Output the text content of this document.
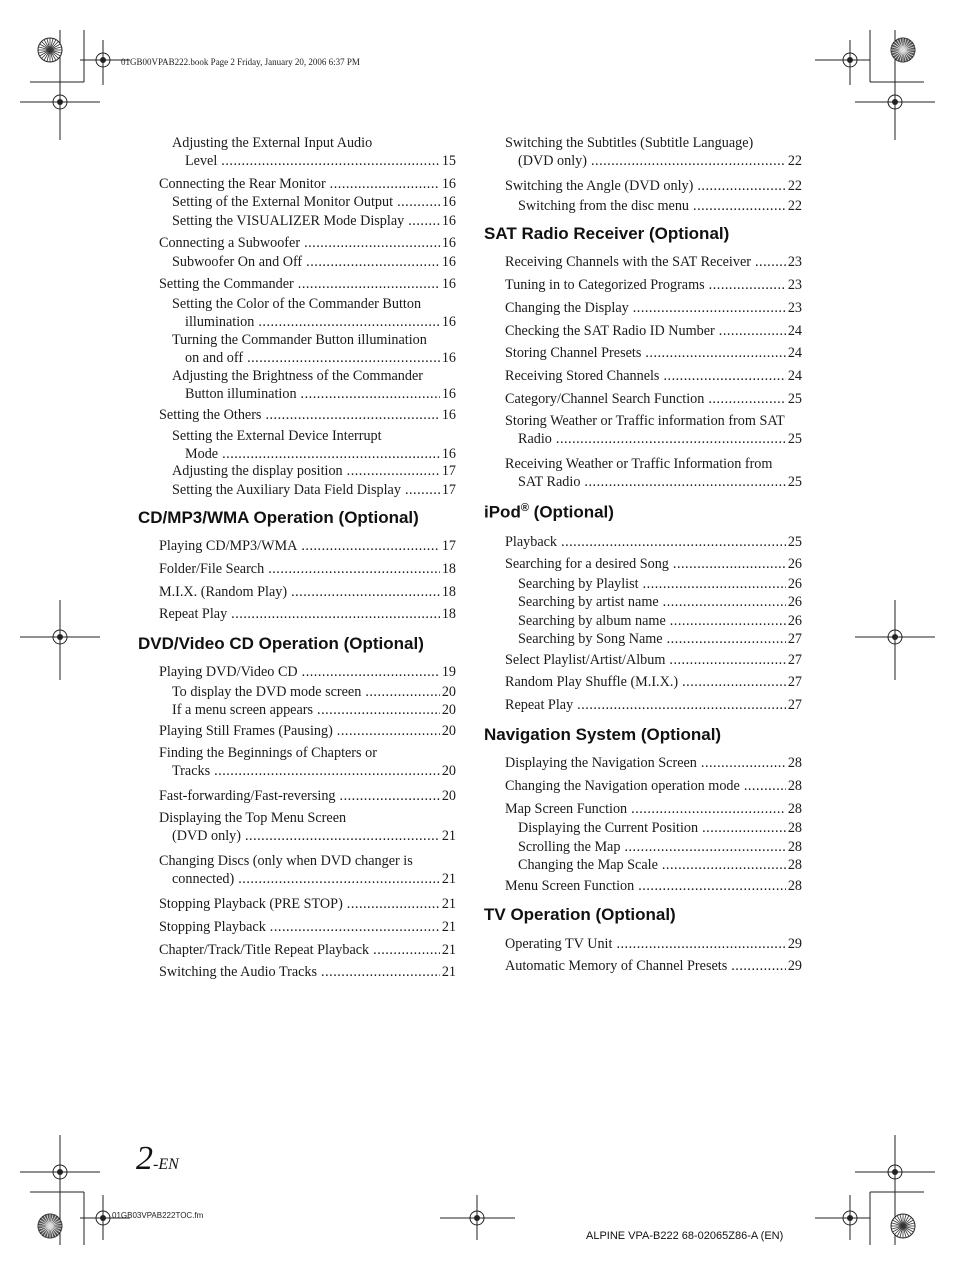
01GB00VPAB222.book Page 2 Friday, January 20, 2006 6:37 PM
Adjusting the External Input Audio
Level .....	15
Connecting the Rear Monitor .....	16
Setting of the External Monitor Output .....	16
Setting the VISUALIZER Mode Display .....	16
Connecting a Subwoofer .....	16
Subwoofer On and Off .....	16
Setting the Commander .....	16
Setting the Color of the Commander Button
illumination .....	16
Turning the Commander Button illumination
on and off .....	16
Adjusting the Brightness of the Commander
Button illumination .....	16
Setting the Others .....	16
Setting the External Device Interrupt
Mode .....	16
Adjusting the display position .....	17
Setting the Auxiliary Data Field Display .....	17
CD/MP3/WMA Operation (Optional)
Playing CD/MP3/WMA .....	17
Folder/File Search .....	18
M.I.X. (Random Play) .....	18
Repeat Play .....	18
DVD/Video CD Operation (Optional)
Playing DVD/Video CD .....	19
To display the DVD mode screen .....	20
If a menu screen appears .....	20
Playing Still Frames (Pausing) .....	20
Finding the Beginnings of Chapters or
Tracks .....	20
Fast-forwarding/Fast-reversing .....	20
Displaying the Top Menu Screen
(DVD only) .....	21
Changing Discs (only when DVD changer is
connected) .....	21
Stopping Playback (PRE STOP) .....	21
Stopping Playback .....	21
Chapter/Track/Title Repeat Playback .....	21
Switching the Audio Tracks .....	21
Switching the Subtitles (Subtitle Language)
(DVD only) .....	22
Switching the Angle (DVD only) .....	22
Switching from the disc menu .....	22
SAT Radio Receiver (Optional)
Receiving Channels with the SAT Receiver .....	23
Tuning in to Categorized Programs .....	23
Changing the Display .....	23
Checking the SAT Radio ID Number .....	24
Storing Channel Presets .....	24
Receiving Stored Channels .....	24
Category/Channel Search Function .....	25
Storing Weather or Traffic information from SAT
Radio .....	25
Receiving Weather or Traffic Information from
SAT Radio .....	25
iPod® (Optional)
Playback .....	25
Searching for a desired Song .....	26
Searching by Playlist .....	26
Searching by artist name .....	26
Searching by album name .....	26
Searching by Song Name .....	27
Select Playlist/Artist/Album .....	27
Random Play Shuffle (M.I.X.) .....	27
Repeat Play .....	27
Navigation System (Optional)
Displaying the Navigation Screen .....	28
Changing the Navigation operation mode .....	28
Map Screen Function .....	28
Displaying the Current Position .....	28
Scrolling the Map .....	28
Changing the Map Scale .....	28
Menu Screen Function .....	28
TV Operation (Optional)
Operating TV Unit .....	29
Automatic Memory of Channel Presets .....	29
2-EN
01GB03VPAB222TOC.fm
ALPINE VPA-B222 68-02065Z86-A (EN)
